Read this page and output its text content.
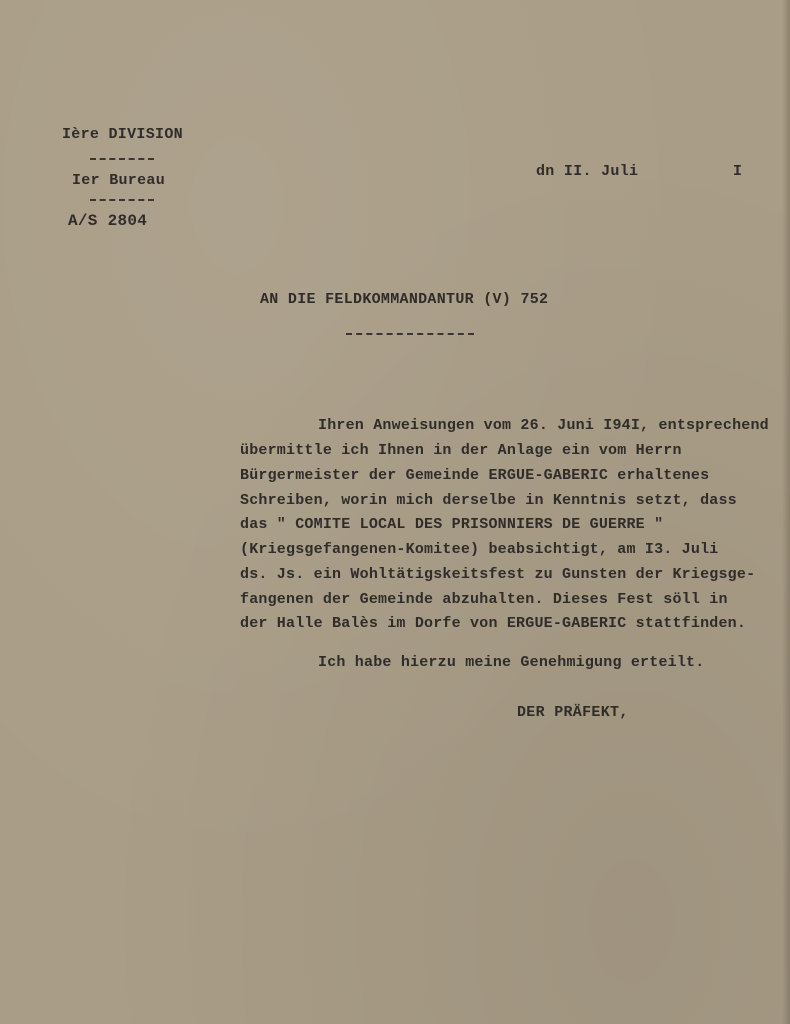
Ière DIVISION
Ier Bureau
A/S 2804
dn II. Juli	I
AN DIE FELDKOMMANDANTUR (V) 752
Ihren Anweisungen vom 26. Juni I94I, entsprechend
übermittle ich Ihnen in der Anlage ein vom Herrn
Bürgermeister der Gemeinde ERGUE-GABERIC erhaltenes
Schreiben, worin mich derselbe in Kenntnis setzt, dass
das " COMITE LOCAL DES PRISONNIERS DE GUERRE "
(Kriegsgefangenen-Komitee) beabsichtigt, am I3. Juli
ds. Js. ein Wohltätigskeitsfest zu Gunsten der Kriegsge-
fangenen der Gemeinde abzuhalten. Dieses Fest söll in
der Halle Balès im Dorfe von ERGUE-GABERIC stattfinden.
Ich habe hierzu meine Genehmigung erteilt.
DER PRÄFEKT,
